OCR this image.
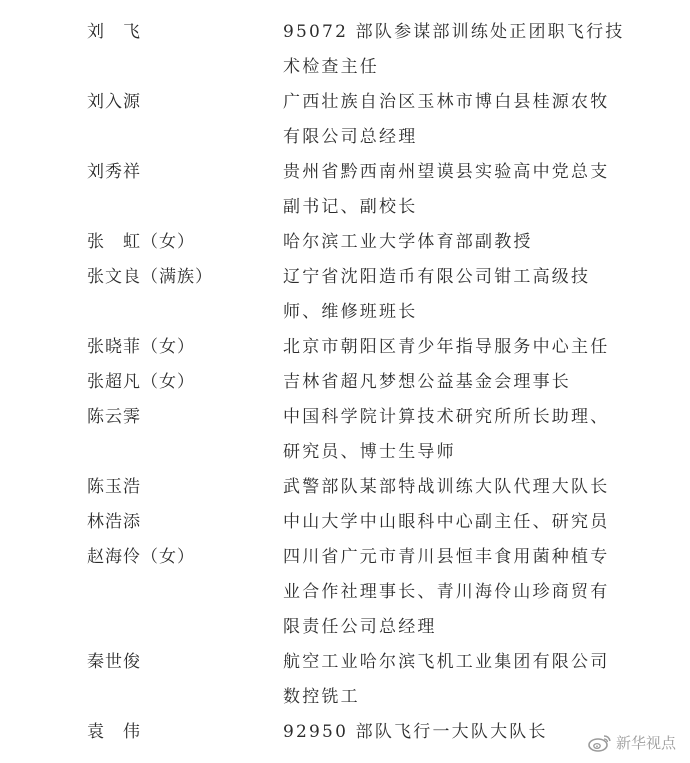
刘　飞	95072 部队参谋部训练处正团职飞行技
术检查主任
刘入源	广西壮族自治区玉林市博白县桂源农牧
有限公司总经理
刘秀祥	贵州省黔西南州望谟县实验高中党总支
副书记、副校长
张　虹（女）	哈尔滨工业大学体育部副教授
张文良（满族）	辽宁省沈阳造币有限公司钳工高级技
师、维修班班长
张晓菲（女）	北京市朝阳区青少年指导服务中心主任
张超凡（女）	吉林省超凡梦想公益基金会理事长
陈云霁	中国科学院计算技术研究所所长助理、
研究员、博士生导师
陈玉浩	武警部队某部特战训练大队代理大队长
林浩添	中山大学中山眼科中心副主任、研究员
赵海伶（女）	四川省广元市青川县恒丰食用菌种植专
业合作社理事长、青川海伶山珍商贸有
限责任公司总经理
秦世俊	航空工业哈尔滨飞机工业集团有限公司
数控铣工
袁　伟	92950 部队飞行一大队大队长
新华视点
